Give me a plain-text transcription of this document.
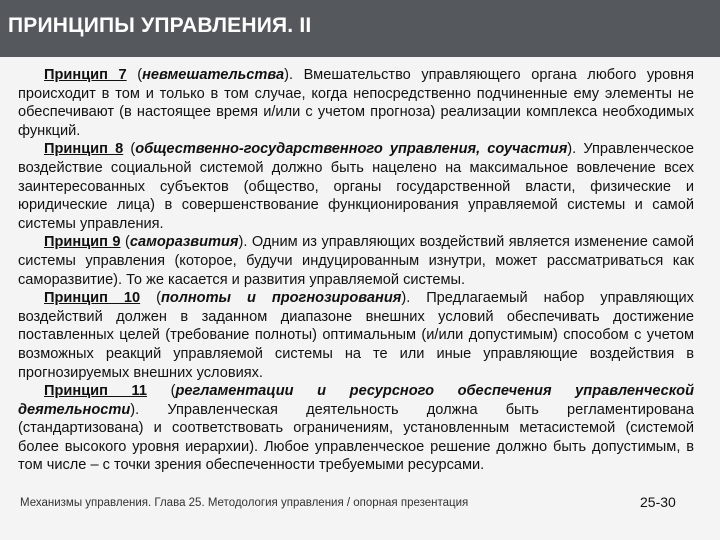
ПРИНЦИПЫ УПРАВЛЕНИЯ. II

Принцип 7 (невмешательства). Вмешательство управляющего органа любого уровня происходит в том и только в том случае, когда непосредственно подчиненные ему элементы не обеспечивают (в настоящее время и/или с учетом прогноза) реализации комплекса необходимых функций.

Принцип 8 (общественно-государственного управления, соучастия). Управленческое воздействие социальной системой должно быть нацелено на максимальное вовлечение всех заинтересованных субъектов (общество, органы государственной власти, физические и юридические лица) в совершенствование функционирования управляемой системы и самой системы управления.

Принцип 9 (саморазвития). Одним из управляющих воздействий является изменение самой системы управления (которое, будучи индуцированным изнутри, может рассматриваться как саморазвитие). То же касается и развития управляемой системы.

Принцип 10 (полноты и прогнозирования). Предлагаемый набор управляющих воздействий должен в заданном диапазоне внешних условий обеспечивать достижение поставленных целей (требование полноты) оптимальным (и/или допустимым) способом с учетом возможных реакций управляемой системы на те или иные управляющие воздействия в прогнозируемых внешних условиях.

Принцип 11 (регламентации и ресурсного обеспечения управленческой деятельности). Управленческая деятельность должна быть регламентирована (стандартизована) и соответствовать ограничениям, установленным метасистемой (системой более высокого уровня иерархии). Любое управленческое решение должно быть допустимым, в том числе – с точки зрения обеспеченности требуемыми ресурсами.

Механизмы управления. Глава 25. Методология управления / опорная презентация	25-30
